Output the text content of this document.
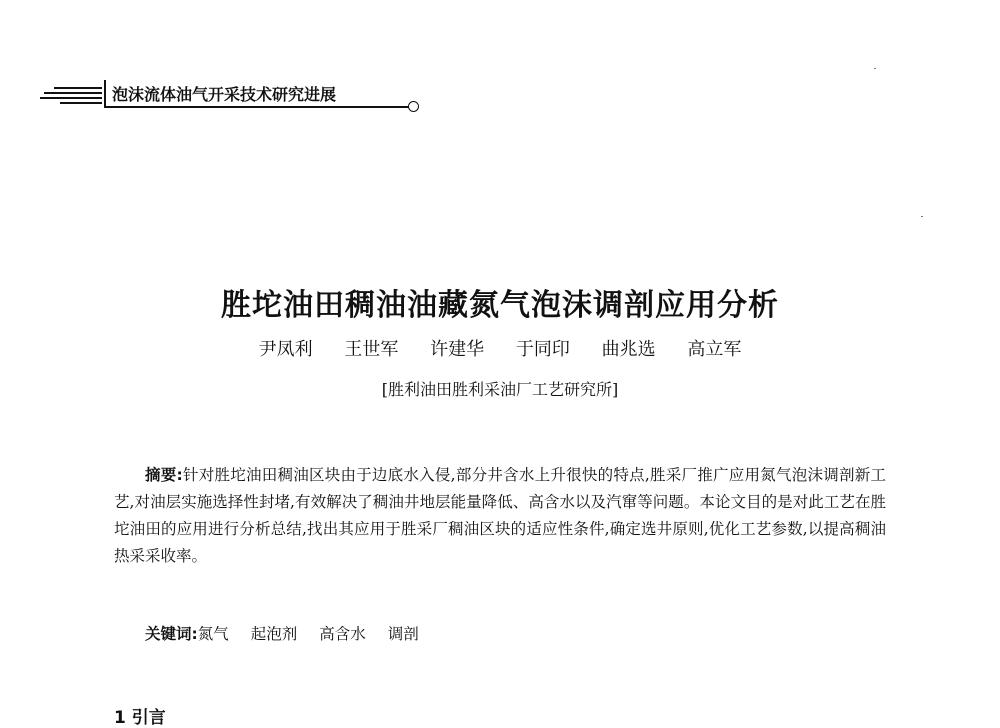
泡沫流体油气开采技术研究进展
胜坨油田稠油油藏氮气泡沫调剖应用分析
尹凤利 王世军 许建华 于同印 曲兆选 高立军
[胜利油田胜利采油厂工艺研究所]
摘要:针对胜坨油田稠油区块由于边底水入侵,部分井含水上升很快的特点,胜采厂推广应用氮气泡沫调剖新工艺,对油层实施选择性封堵,有效解决了稠油井地层能量降低、高含水以及汽窜等问题。本论文目的是对此工艺在胜坨油田的应用进行分析总结,找出其应用于胜采厂稠油区块的适应性条件,确定选井原则,优化工艺参数,以提高稠油热采采收率。
关键词:氮气 起泡剂 高含水 调剖
1 引言
